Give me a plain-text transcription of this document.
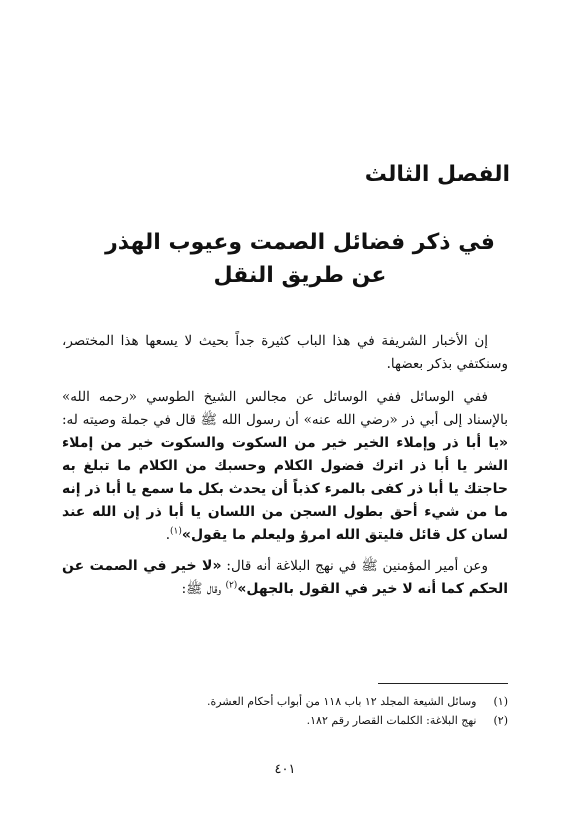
الفصل الثالث
في ذكر فضائل الصمت وعيوب الهذر
عن طريق النقل

إن الأخبار الشريفة في هذا الباب كثيرة جداً بحيث لا يسعها هذا المختصر، وسنكتفي بذكر بعضها.

ففي الوسائل ففي الوسائل عن مجالس الشيخ الطوسي «رحمه الله» بالإسناد إلى أبي ذر «رضي الله عنه» أن رسول الله ﷺ قال في جملة وصيته له: «يا أبا ذر وإملاء الخير خير من السكوت والسكوت خير من إملاء الشر يا أبا ذر اترك فضول الكلام وحسبك من الكلام ما تبلغ به حاجتك يا أبا ذر كفى بالمرء كذباً أن يحدث بكل ما سمع يا أبا ذر إنه ما من شيء أحق بطول السجن من اللسان يا أبا ذر إن الله عند لسان كل قائل فليتق الله امرؤ وليعلم ما يقول»$^{(١)}$.

وعن أمير المؤمنين ﷺ في نهج البلاغة أنه قال: «لا خير في الصمت عن الحكم كما أنه لا خير في القول بالجهل»$^{(٢)}$ وقال ﷺ:

(١) وسائل الشيعة المجلد ١٢ باب ١١٨ من أبواب أحكام العشرة.
(٢) نهج البلاغة: الكلمات القصار رقم ١٨٢.
٤٠١
